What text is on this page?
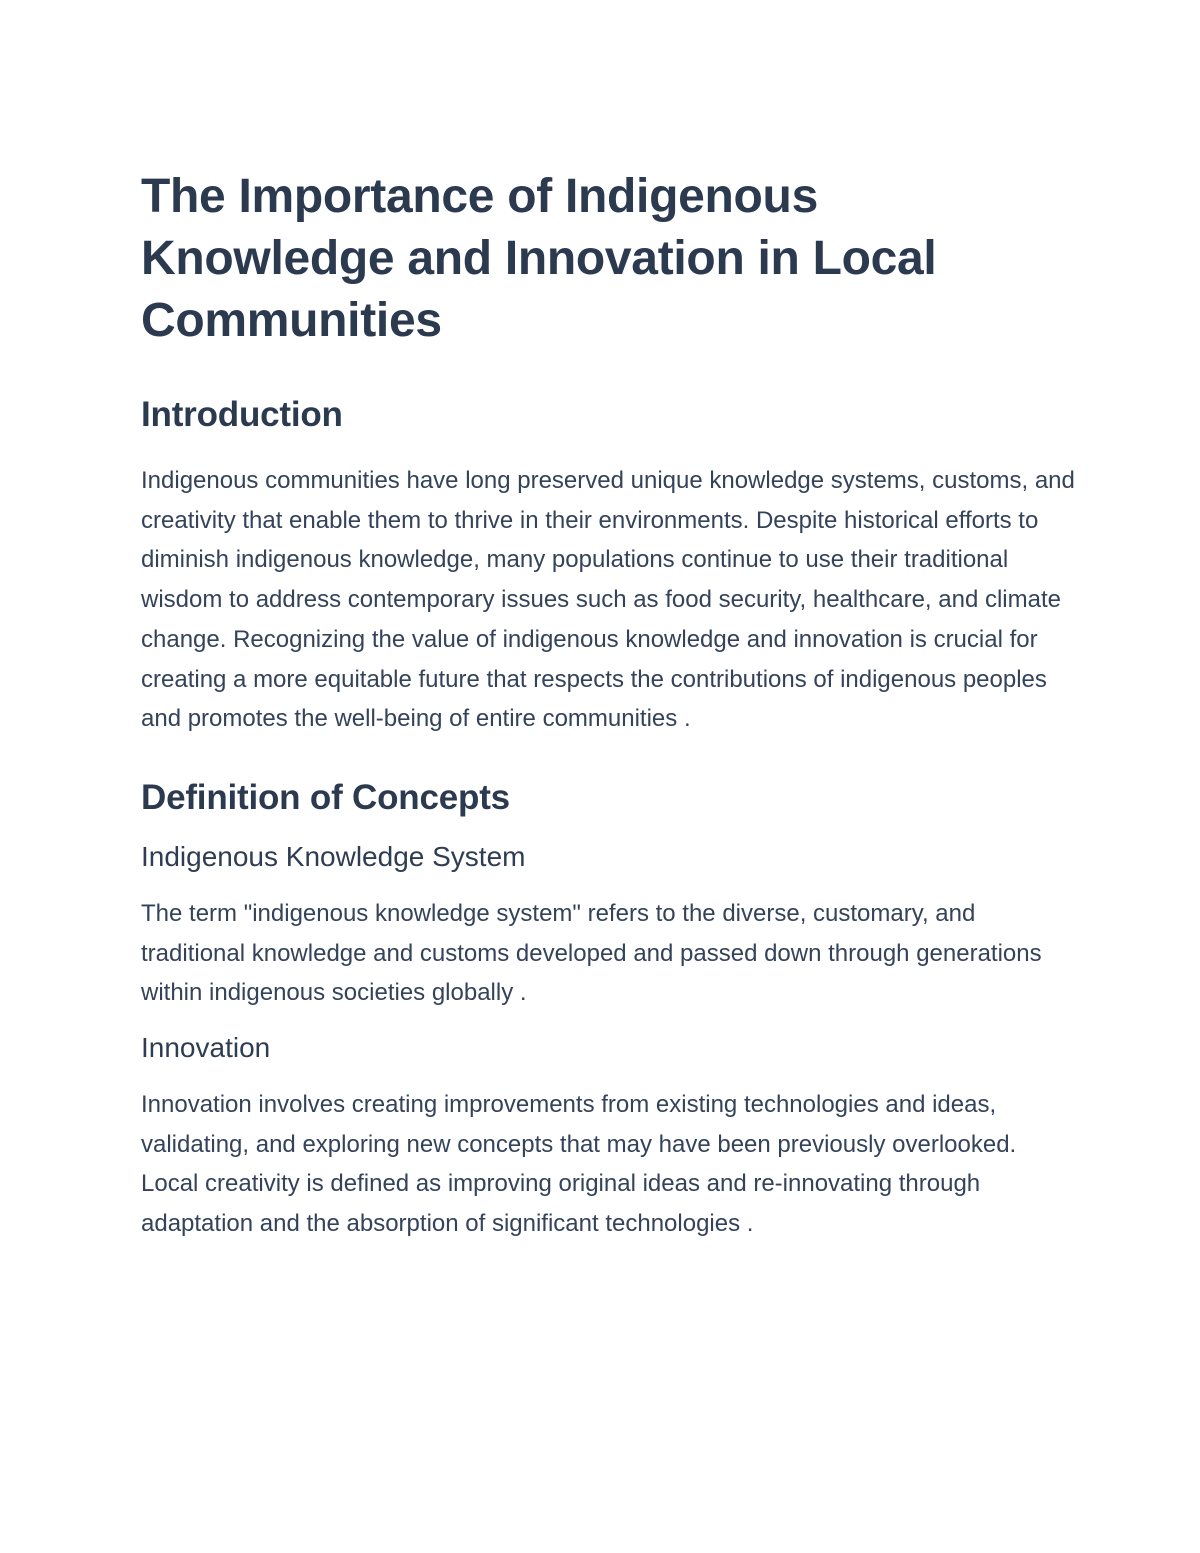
The Importance of Indigenous Knowledge and Innovation in Local Communities
Introduction

Indigenous communities have long preserved unique knowledge systems, customs, and creativity that enable them to thrive in their environments. Despite historical efforts to diminish indigenous knowledge, many populations continue to use their traditional wisdom to address contemporary issues such as food security, healthcare, and climate change. Recognizing the value of indigenous knowledge and innovation is crucial for creating a more equitable future that respects the contributions of indigenous peoples and promotes the well-being of entire communities .

Definition of Concepts
Indigenous Knowledge System

The term "indigenous knowledge system" refers to the diverse, customary, and traditional knowledge and customs developed and passed down through generations within indigenous societies globally .

Innovation

Innovation involves creating improvements from existing technologies and ideas, validating, and exploring new concepts that may have been previously overlooked. Local creativity is defined as improving original ideas and re-innovating through adaptation and the absorption of significant technologies .
